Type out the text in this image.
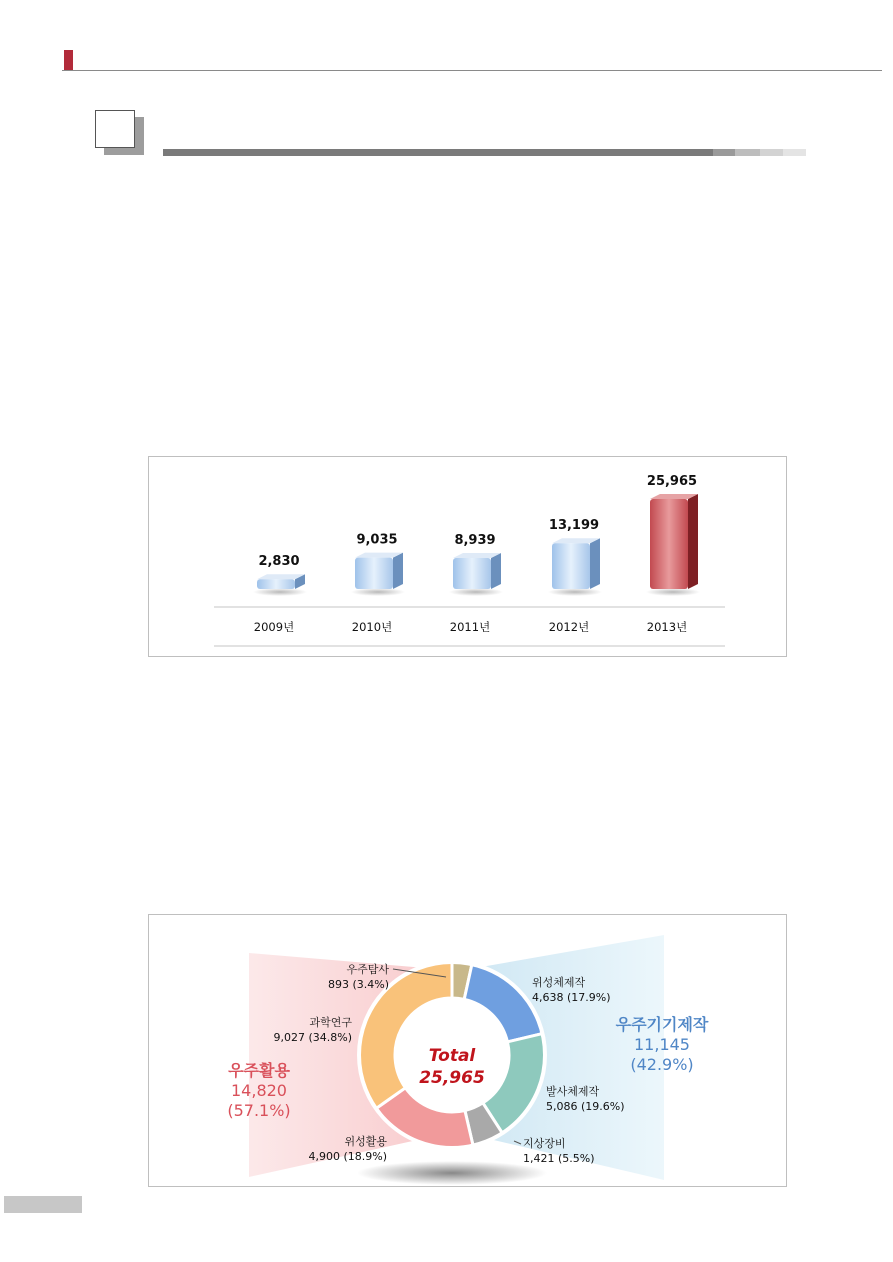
2,830
2009년
9,035
2010년
8,939
2011년
13,199
2012년
25,965
2013년
Total
25,965
우주탐사
893 (3.4%)	위성체제작
4,638 (17.9%)
발사체제작
5,086 (19.6%)
지상장비
1,421 (5.5%)
위성활용
4,900 (18.9%)
과학연구
9,027 (34.8%)
우주활용
14,820
(57.1%)
우주기기제작
11,145
(42.9%)
